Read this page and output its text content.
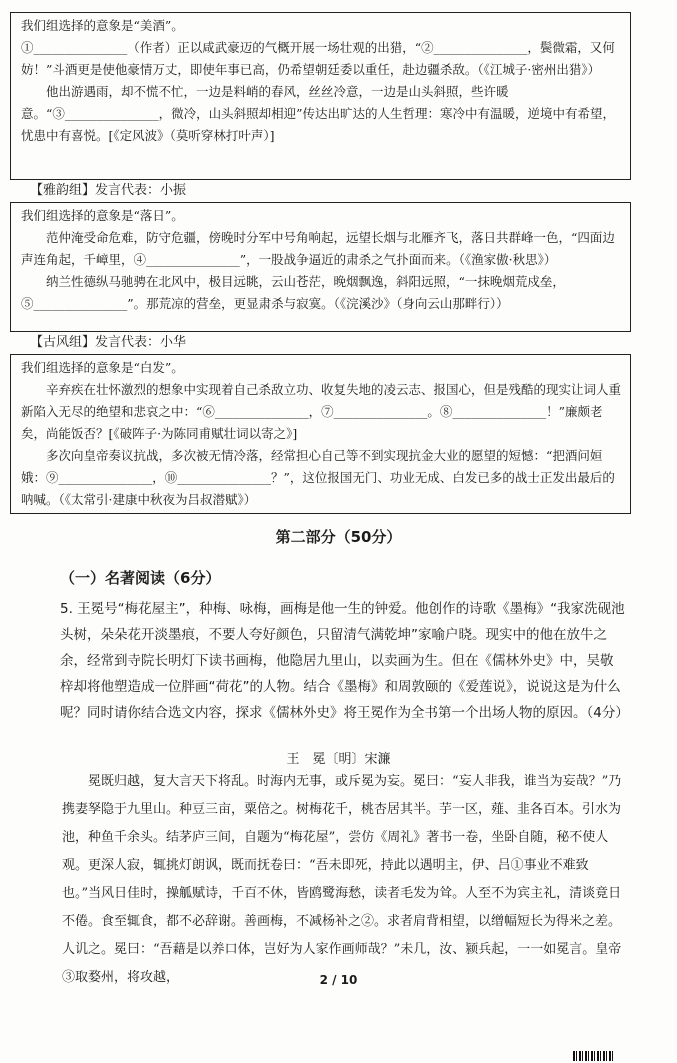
我们组选择的意象是“美酒”。

①_______________（作者）正以咸武豪迈的气概开展一场壮观的出猎，“②_______________，鬓微霜，又何妨！”斗酒更是使他豪情万丈，即使年事已高，仍希望朝廷委以重任，赴边疆杀敌。（《江城子·密州出猎》）

他出游遇雨，却不慌不忙，一边是料峭的春风，丝丝冷意，一边是山头斜照，些许暖意。“③_______________，微冷，山头斜照却相迎”传达出旷达的人生哲理：寒冷中有温暖，逆境中有希望，忧患中有喜悦。[《定风波》（莫听穿林打叶声）]

【雅韵组】发言代表：小振

我们组选择的意象是“落日”。

范仲淹受命危难，防守危疆，傍晚时分军中号角响起，远望长烟与北雁齐飞，落日共群峰一色，“四面边声连角起，千嶂里，④_______________”，一股战争逼近的肃杀之气扑面而来。（《渔家傲·秋思》）

纳兰性德纵马驰骋在北风中，极目远眺，云山苍茫，晚烟飘逸，斜阳远照，“一抹晚烟荒戍垒，⑤_______________”。那荒凉的营垒，更显肃杀与寂寞。（《浣溪沙》（身向云山那畔行））

【古风组】发言代表：小华

我们组选择的意象是“白发”。

辛弃疾在壮怀激烈的想象中实现着自己杀敌立功、收复失地的凌云志、报国心，但是残酷的现实让词人重新陷入无尽的绝望和悲哀之中：“⑥_______________，⑦_______________。⑧_______________！”廉颇老矣，尚能饭否？[《破阵子·为陈同甫赋壮词以寄之》]

多次向皇帝奏议抗战，多次被无情冷落，经常担心自己等不到实现抗金大业的愿望的短憾：“把酒问姮娥：⑨_______________，⑩_______________？”，这位报国无门、功业无成、白发已多的战士正发出最后的呐喊。（《太常引·建康中秋夜为吕叔潜赋》）

第二部分（50分）
（一）名著阅读（6分）

5. 王冕号“梅花屋主”，种梅、咏梅，画梅是他一生的钟爱。他创作的诗歌《墨梅》“我家洗砚池头树，朵朵花开淡墨痕，不要人夸好颜色，只留清气满乾坤”家喻户晓。现实中的他在放牛之余，经常到寺院长明灯下读书画梅，他隐居九里山，以卖画为生。但在《儒林外史》中，吴敬梓却将他塑造成一位胖画“荷花”的人物。结合《墨梅》和周敦颐的《爱莲说》，说说这是为什么呢？同时请你结合选文内容，探求《儒林外史》将王冕作为全书第一个出场人物的原因。（4分）

王　冕〔明〕宋濂

冕既归越，复大言天下将乱。时海内无事，或斥冕为妄。冕曰：“妄人非我，谁当为妄哉？”乃携妻孥隐于九里山。种豆三亩，粟倍之。树梅花千，桃杏居其半。芋一区，薤、韭各百本。引水为池，种鱼千余头。结茅庐三间，自题为“梅花屋”，尝仿《周礼》著书一卷，坐卧自随，秘不使人观。更深人寂，辄挑灯朗讽，既而抚卷曰：“吾未即死，持此以遇明主，伊、吕①事业不难致也。”当风日佳时，操觚赋诗，千百不休，皆鸥鹭海愁，读者毛发为耸。人至不为宾主礼，清谈竟日不倦。食至辄食，都不必辞谢。善画梅，不减杨补之②。求者肩背相望，以缯幅短长为得米之差。人讥之。冕曰：“吾藉是以养口体，岂好为人家作画师哉？”未几，汝、颍兵起，一一如冕言。皇帝③取婺州，将攻越，	2 / 10
